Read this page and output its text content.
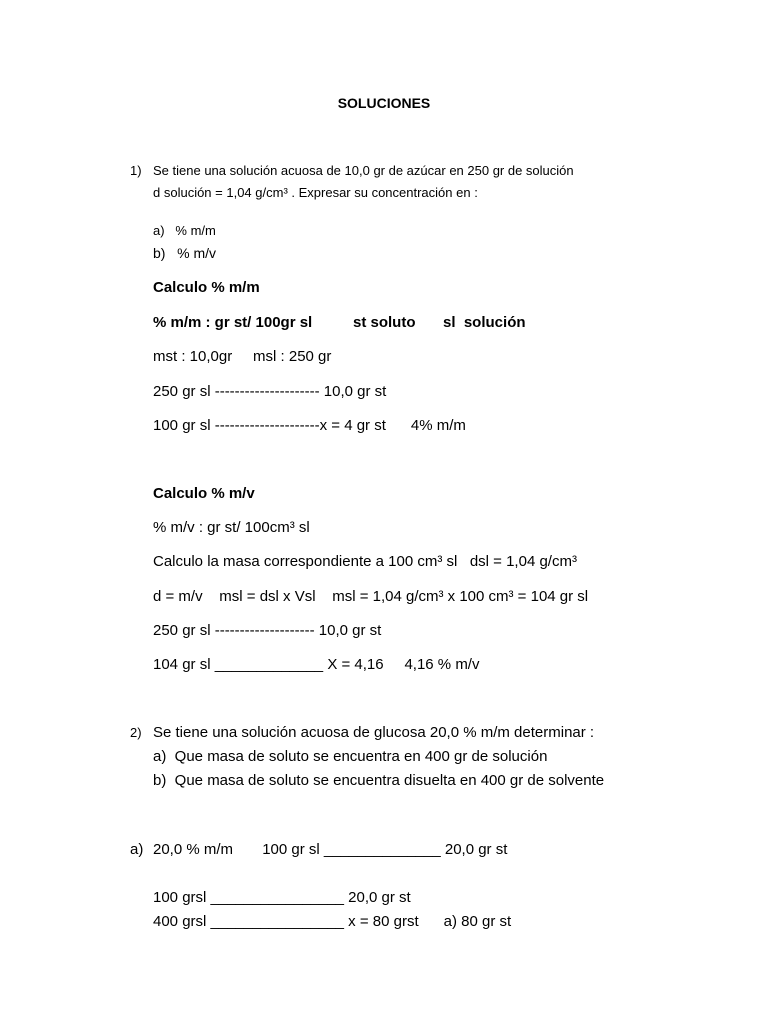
SOLUCIONES
1) Se tiene una solución acuosa de 10,0 gr de azúcar en 250 gr de solución
d solución = 1,04 g/cm³ . Expresar su concentración en :
a)   % m/m
b)   % m/v
Calculo % m/m
% m/m : gr st/ 100gr sl	st soluto sl  solución
mst : 10,0gr     msl : 250 gr
250 gr sl --------------------- 10,0 gr st
100 gr sl ---------------------x = 4 gr st      4% m/m
Calculo % m/v
% m/v : gr st/ 100cm³ sl
Calculo la masa correspondiente a 100 cm³ sl   dsl = 1,04 g/cm³
d = m/v    msl = dsl x Vsl    msl = 1,04 g/cm³ x 100 cm³ = 104 gr sl
250 gr sl -------------------- 10,0 gr st
104 gr sl _____________ X = 4,16     4,16 % m/v
2) Se tiene una solución acuosa de glucosa 20,0 % m/m determinar :
a)  Que masa de soluto se encuentra en 400 gr de solución
b)  Que masa de soluto se encuentra disuelta en 400 gr de solvente
a) 20,0 % m/m       100 gr sl ______________ 20,0 gr st
100 grsl ________________ 20,0 gr st
400 grsl ________________ x = 80 grst      a) 80 gr st
